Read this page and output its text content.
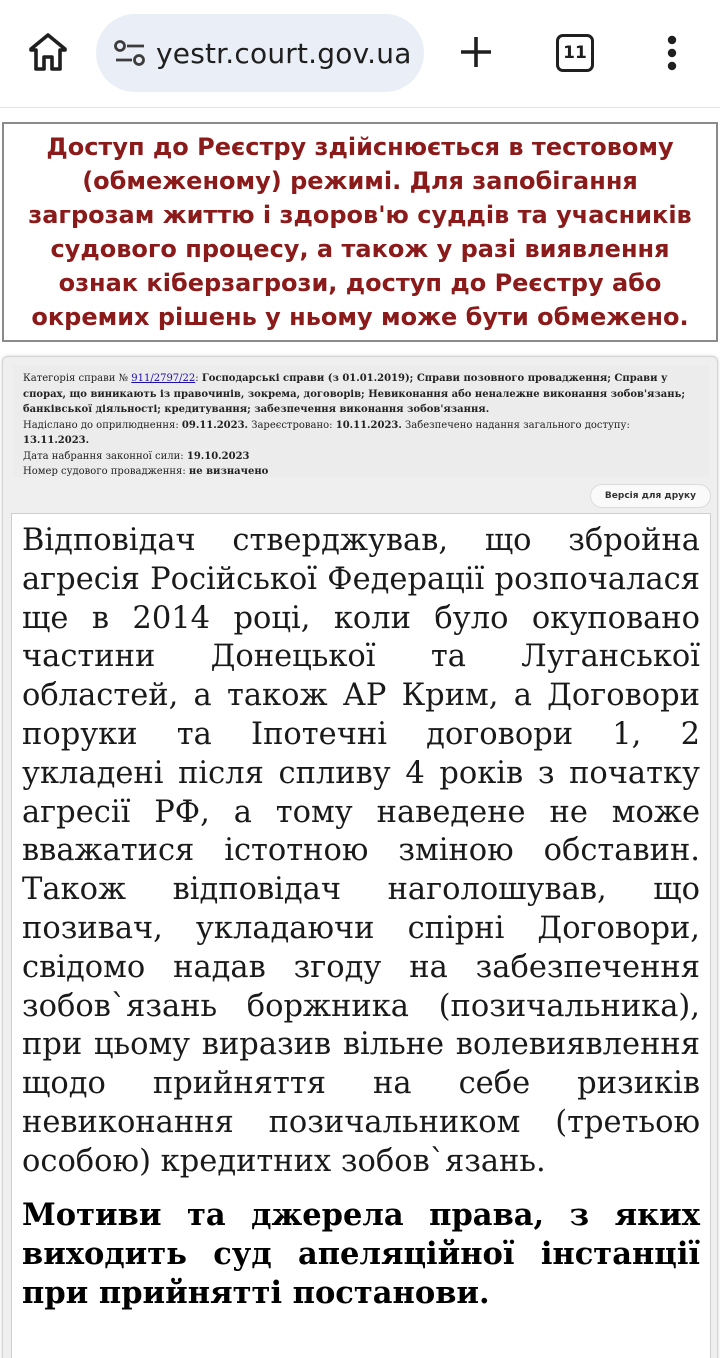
yestr.court.gov.ua	11
Доступ до Реєстру здійснюється в тестовому (обмеженому) режимі. Для запобігання загрозам життю і здоров'ю суддів та учасників судового процесу, а також у разі виявлення ознак кіберзагрози, доступ до Реєстру або окремих рішень у ньому може бути обмежено.
Категорія справи № 911/2797/22: Господарські справи (з 01.01.2019); Справи позовного провадження; Справи у спорах, що виникають із правочинів, зокрема, договорів; Невиконання або неналежне виконання зобов'язань; банківської діяльності; кредитування; забезпечення виконання зобов'язання.
Надіслано до оприлюднення: 09.11.2023. Зареєстровано: 10.11.2023. Забезпечено надання загального доступу: 13.11.2023.
Дата набрання законної сили: 19.10.2023
Номер судового провадження: не визначено
Версія для друку

Відповідач стверджував, що збройна агресія Російської Федерації розпочалася ще в 2014 році, коли було окуповано частини Донецької та Луганської областей, а також АР Крим, а Договори поруки та Іпотечні договори 1, 2 укладені після спливу 4 років з початку агресії РФ, а тому наведене не може вважатися істотною зміною обставин. Також відповідач наголошував, що позивач, укладаючи спірні Договори, свідомо надав згоду на забезпечення зобов`язань боржника (позичальника), при цьому виразив вільне волевиявлення щодо прийняття на себе ризиків невиконання позичальником (третьою особою) кредитних зобов`язань.

Мотиви та джерела права, з яких виходить суд апеляційної інстанції при прийнятті постанови.
